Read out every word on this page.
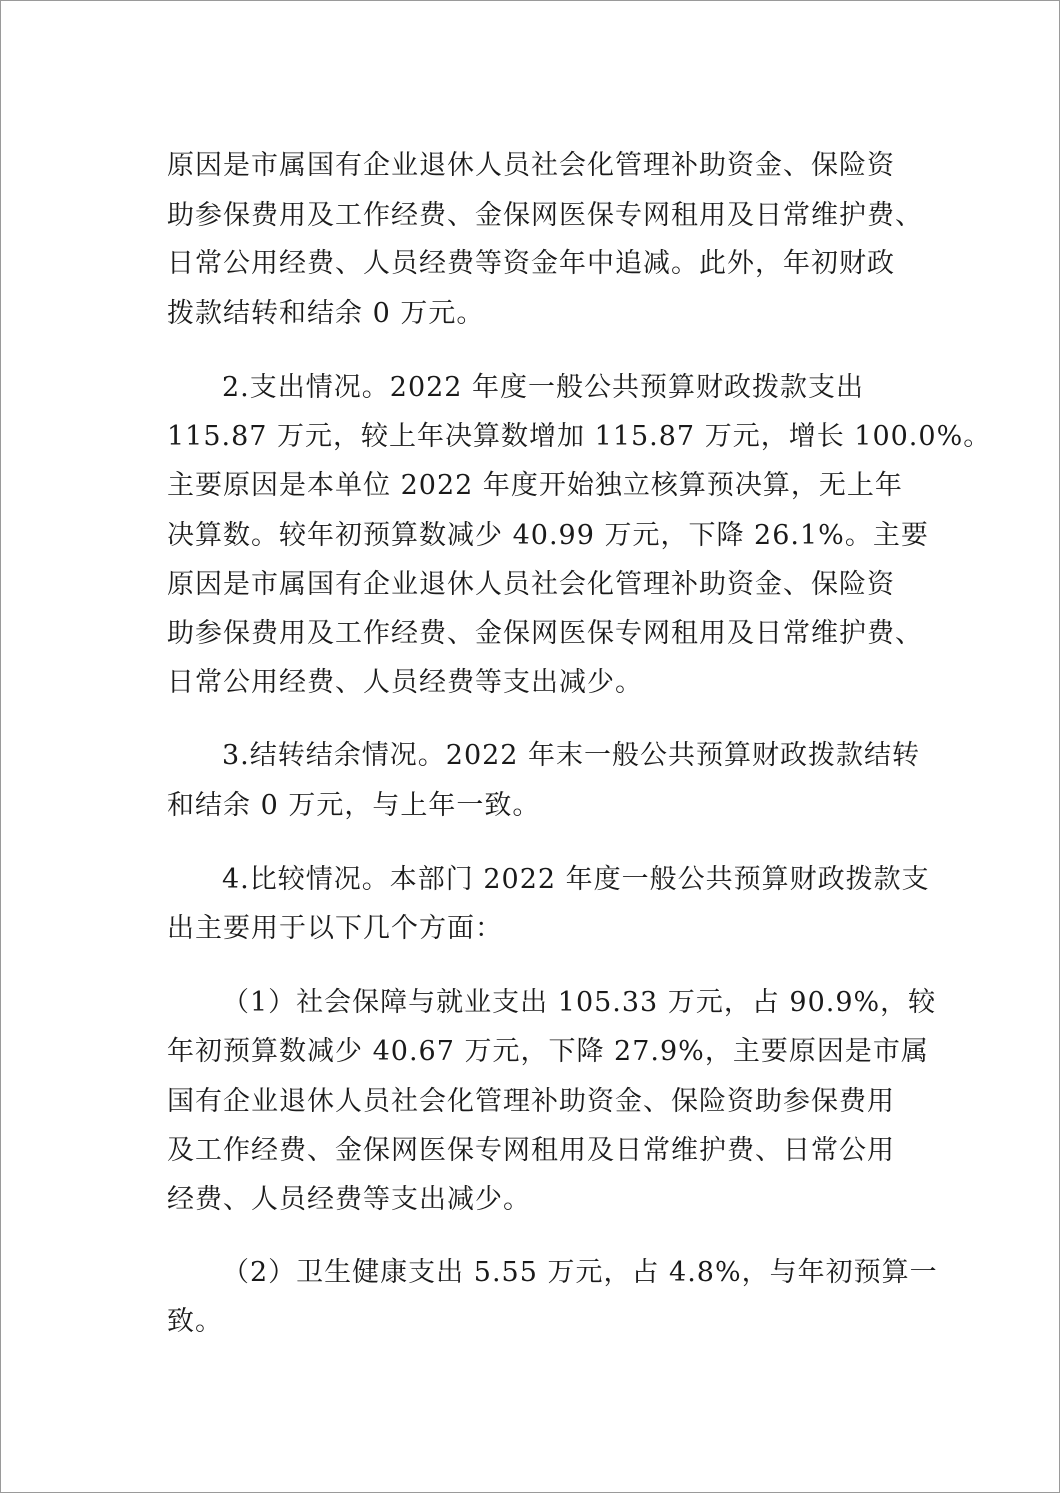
原因是市属国有企业退休人员社会化管理补助资金、保险资
助参保费用及工作经费、金保网医保专网租用及日常维护费、
日常公用经费、人员经费等资金年中追减。此外，年初财政
拨款结转和结余 0 万元。
2.支出情况。2022 年度一般公共预算财政拨款支出
115.87 万元，较上年决算数增加 115.87 万元，增长 100.0%。
主要原因是本单位 2022 年度开始独立核算预决算，无上年
决算数。较年初预算数减少 40.99 万元，下降 26.1%。主要
原因是市属国有企业退休人员社会化管理补助资金、保险资
助参保费用及工作经费、金保网医保专网租用及日常维护费、
日常公用经费、人员经费等支出减少。
3.结转结余情况。2022 年末一般公共预算财政拨款结转
和结余 0 万元，与上年一致。
4.比较情况。本部门 2022 年度一般公共预算财政拨款支
出主要用于以下几个方面：
（1）社会保障与就业支出 105.33 万元，占 90.9%，较
年初预算数减少 40.67 万元，下降 27.9%，主要原因是市属
国有企业退休人员社会化管理补助资金、保险资助参保费用
及工作经费、金保网医保专网租用及日常维护费、日常公用
经费、人员经费等支出减少。
（2）卫生健康支出 5.55 万元，占 4.8%，与年初预算一
致。
